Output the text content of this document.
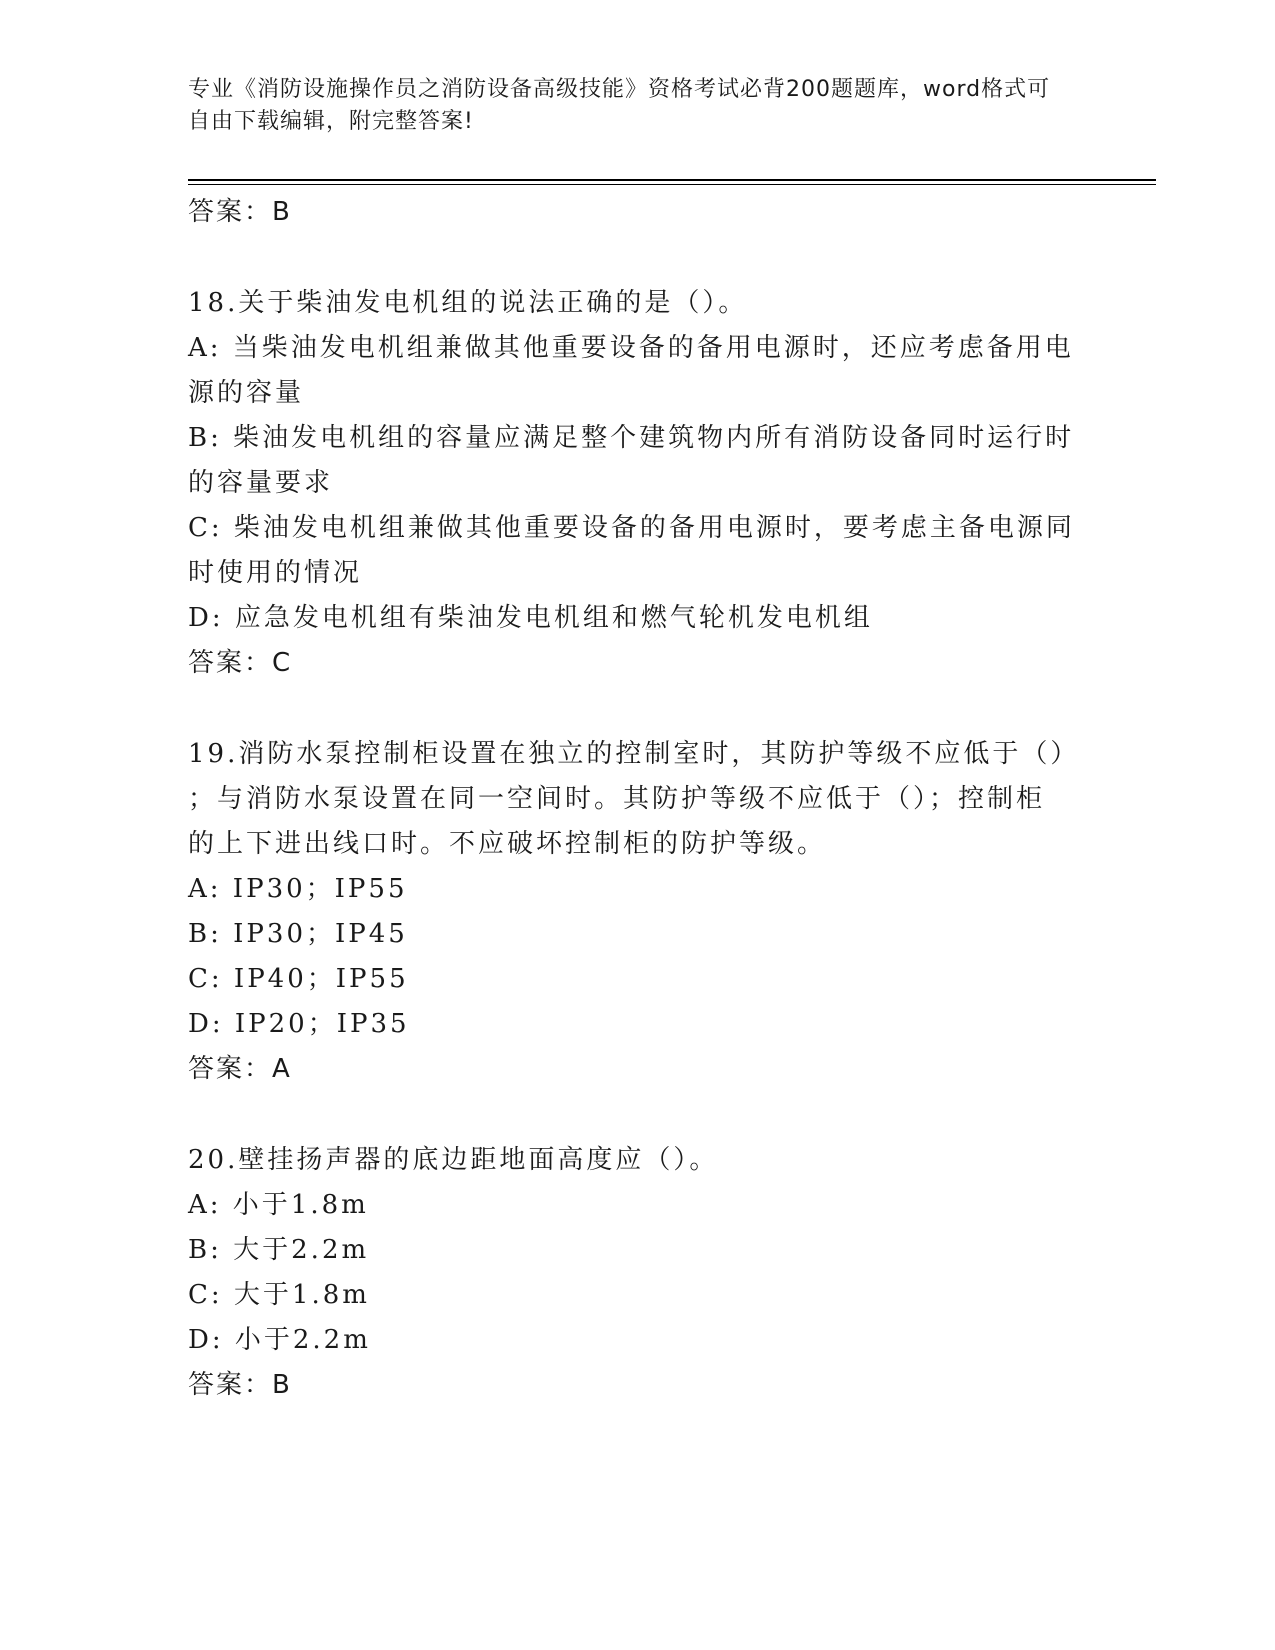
专业《消防设施操作员之消防设备高级技能》资格考试必背200题题库，word格式可自由下载编辑，附完整答案!
答案：B
18.关于柴油发电机组的说法正确的是（）。
A: 当柴油发电机组兼做其他重要设备的备用电源时，还应考虑备用电
源的容量
B: 柴油发电机组的容量应满足整个建筑物内所有消防设备同时运行时
的容量要求
C: 柴油发电机组兼做其他重要设备的备用电源时，要考虑主备电源同
时使用的情况
D: 应急发电机组有柴油发电机组和燃气轮机发电机组
答案：C
19.消防水泵控制柜设置在独立的控制室时，其防护等级不应低于（）
；与消防水泵设置在同一空间时。其防护等级不应低于（）；控制柜
的上下进出线口时。不应破坏控制柜的防护等级。
A: IP30；IP55
B: IP30；IP45
C: IP40；IP55
D: IP20；IP35
答案：A
20.壁挂扬声器的底边距地面高度应（）。
A: 小于1.8m
B: 大于2.2m
C: 大于1.8m
D: 小于2.2m
答案：B
